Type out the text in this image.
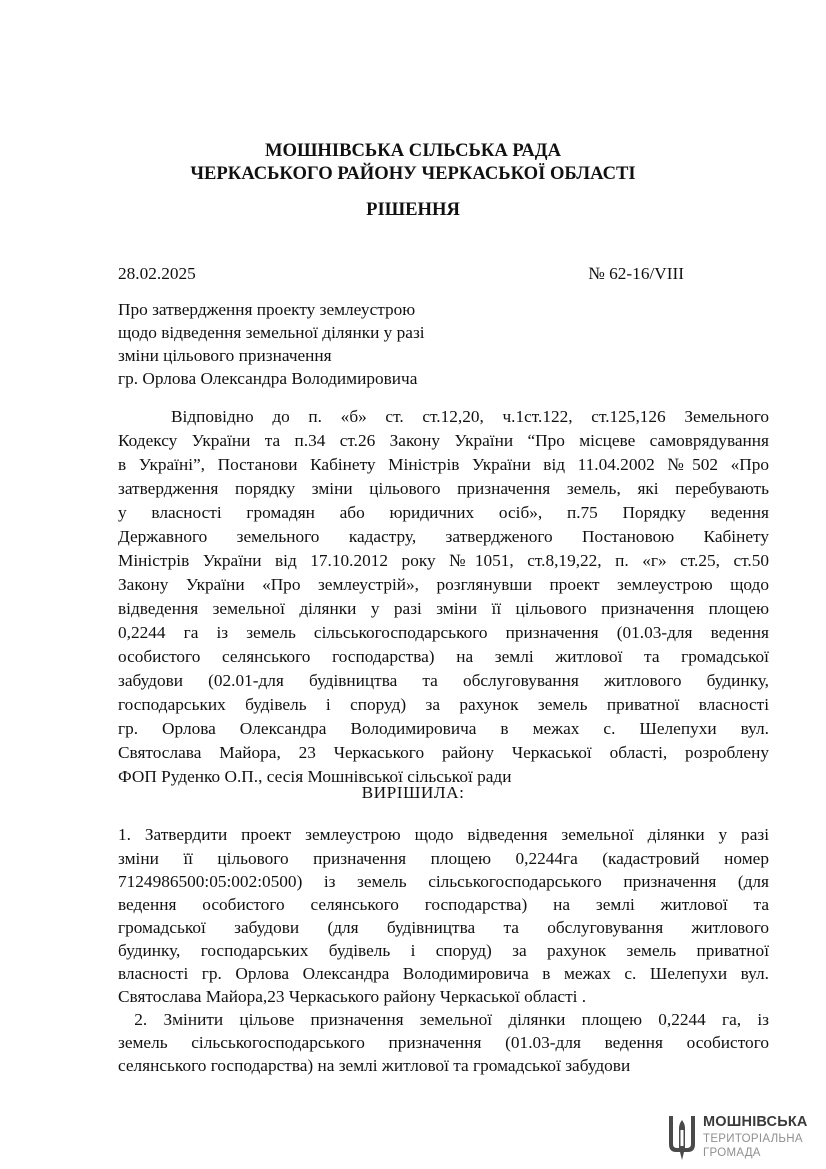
МОШНІВСЬКА СІЛЬСЬКА РАДА
ЧЕРКАСЬКОГО РАЙОНУ ЧЕРКАСЬКОЇ ОБЛАСТІ
РІШЕННЯ
28.02.2025	№ 62-16/VIII
Про затвердження проекту землеустрою
щодо відведення земельної ділянки у разі
зміни цільового призначення
гр. Орлова Олександра Володимировича
Відповідно до п. «б» ст. ст.12,20, ч.1ст.122, ст.125,126 Земельного
Кодексу України та п.34 ст.26 Закону України “Про місцеве самоврядування
в Україні”, Постанови Кабінету Міністрів України від 11.04.2002 №502 «Про
затвердження порядку зміни цільового призначення земель, які перебувають
у власності громадян або юридичних осіб», п.75 Порядку ведення
Державного земельного кадастру, затвердженого Постановою Кабінету
Міністрів України від 17.10.2012 року №1051, ст.8,19,22, п. «г» ст.25, ст.50
Закону України «Про землеустрій», розглянувши проект землеустрою щодо
відведення земельної ділянки у разі зміни її цільового призначення площею
0,2244 га із земель сільськогосподарського призначення (01.03-для ведення
особистого селянського господарства) на землі житлової та громадської
забудови (02.01-для будівництва та обслуговування житлового будинку,
господарських будівель і споруд) за рахунок земель приватної власності
гр. Орлова Олександра Володимировича в межах с. Шелепухи вул.
Святослава Майора, 23 Черкаського району Черкаської області, розроблену
ФОП Руденко О.П., сесія Мошнівської сільської ради
ВИРІШИЛА:
1. Затвердити проект землеустрою щодо відведення земельної ділянки у разі
зміни її цільового призначення площею 0,2244га (кадастровий номер
7124986500:05:002:0500) із земель сільськогосподарського призначення (для
ведення особистого селянського господарства) на землі житлової та
громадської забудови (для будівництва та обслуговування житлового
будинку, господарських будівель і споруд) за рахунок земель приватної
власності гр. Орлова Олександра Володимировича в межах с. Шелепухи вул.
Святослава Майора,23 Черкаського району Черкаської області .
2. Змінити цільове призначення земельної ділянки площею 0,2244 га, із
земель сільськогосподарського призначення (01.03-для ведення особистого
селянського господарства) на землі житлової та громадської забудови
МОШНІВСЬКА
ТЕРИТОРІАЛЬНА
ГРОМАДА
